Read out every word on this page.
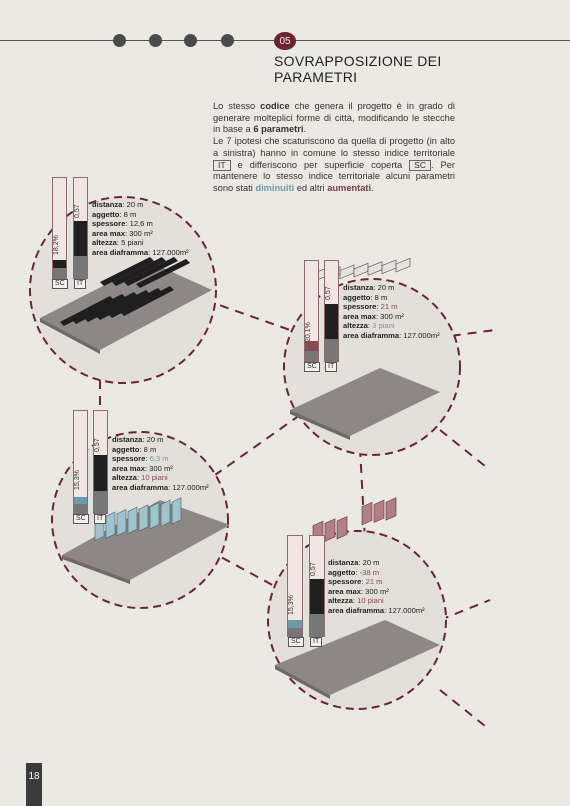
05
SOVRAPPOSIZIONE DEI PARAMETRI
Lo stesso codice che genera il progetto è in grado di generare molteplici forme di città, modificando le stecche in base a 6 parametri.
Le 7 ipotesi che scaturiscono da quella di progetto (in alto a sinistra) hanno in comune lo stesso indice territoriale IT e differiscono per superficie coperta SC . Per mantenere lo stesso indice territoriale alcuni parametri sono stati diminuiti ed altri aumentati.
18,2%
0,57
SC	IT
distanza: 20 m
aggetto: 8 m
spessore: 12,6 m
area max: 300 m²
altezza: 5 piani
area diaframma: 127.000m²
20,1%
0,57
SC	IT
distanza: 20 m
aggetto: 8 m
spessore: 21 m
area max: 300 m²
altezza: 3 piani
area diaframma: 127.000m²
15,3%
0,57
SC	IT
distanza: 20 m
aggetto: 8 m
spessore: 6,3 m
area max: 300 m²
altezza: 10 piani
area diaframma: 127.000m²
15,3%
0,57
SC	IT
distanza: 20 m
aggetto: -38 m
spessore: 21 m
area max: 300 m²
altezza: 10 piani
area diaframma: 127.000m²
18
